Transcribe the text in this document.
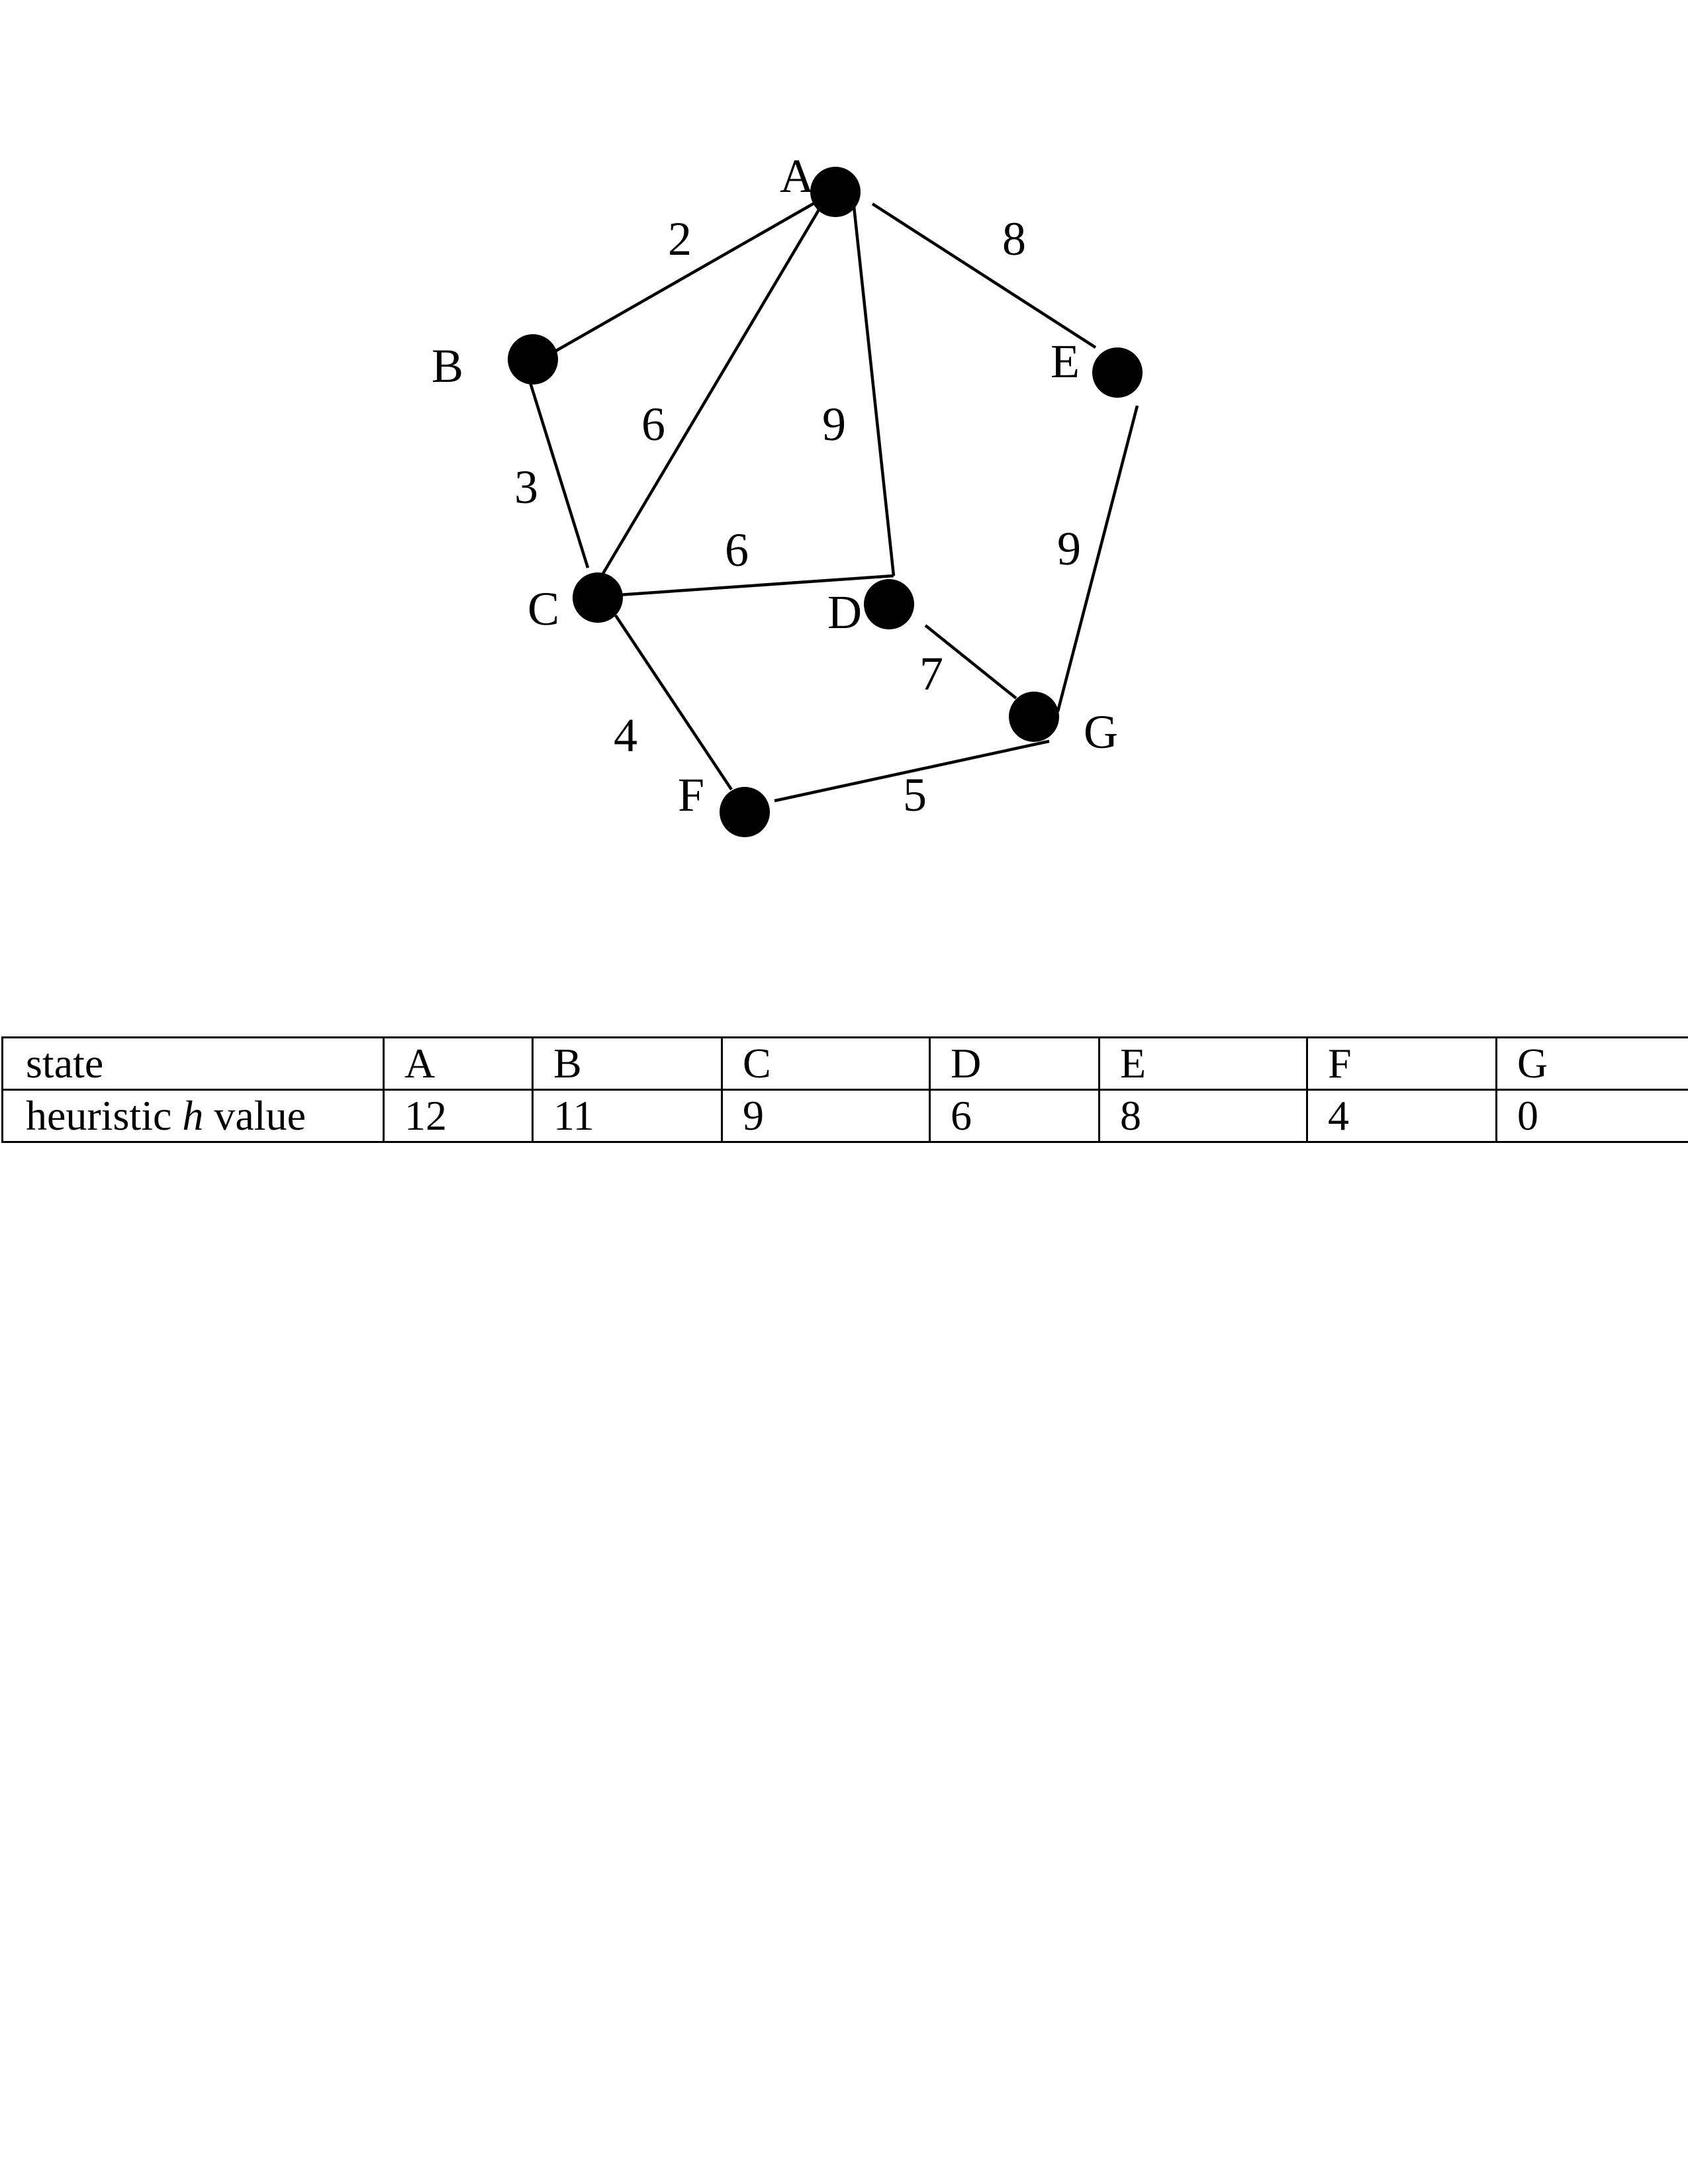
2	8
6	9
3
6
4
7
9
5
A
B
C	D
E
F
G
state	A	B	C	D	E	F	G
heuristic h value	12	11	9	6	8	4	0
